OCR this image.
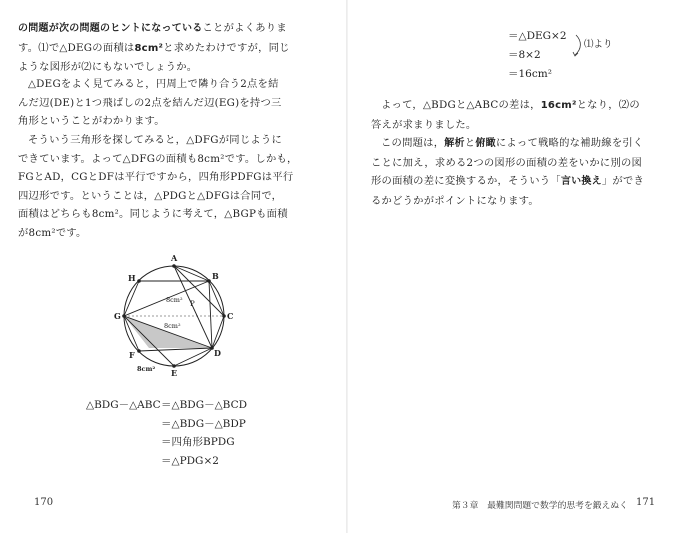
の問題が次の問題のヒントになっていることがよくありま
す。⑴で△DEGの面積は8cm²と求めたわけですが，同じ
ような図形が⑵にもないでしょうか。

△DEGをよく見てみると，円周上で隣り合う2点を結
んだ辺(DE)と1つ飛ばしの2点を結んだ辺(EG)を持つ三
角形ということがわかります。

そういう三角形を探してみると，△DFGが同じように
できています。よって△DFGの面積も8cm²です。しかも，
FGとAD，CGとDFは平行ですから，四角形PDFGは平行
四辺形です。ということは，△PDGと△DFGは合同で，
面積はどちらも8cm²。同じように考えて，△BGPも面積
が8cm²です。

A
B
C
D
E
F
G
H
P
8cm²
8cm²
8cm²
△BDG－△ABC ＝△BDG－△BCD
＝△BDG－△BDP
＝四角形BPDG
＝△PDG×2
170
＝△DEG×2
＝8×2
＝16cm²
⑴より

よって，△BDGと△ABCの差は，16cm²となり，⑵の
答えが求まりました。

この問題は，解析と俯瞰によって戦略的な補助線を引く
ことに加え，求める2つの図形の面積の差をいかに別の図
形の面積の差に変換するか，そういう「言い換え」ができ
るかどうかがポイントになります。

第３章　最難関問題で数学的思考を鍛えぬく 171
